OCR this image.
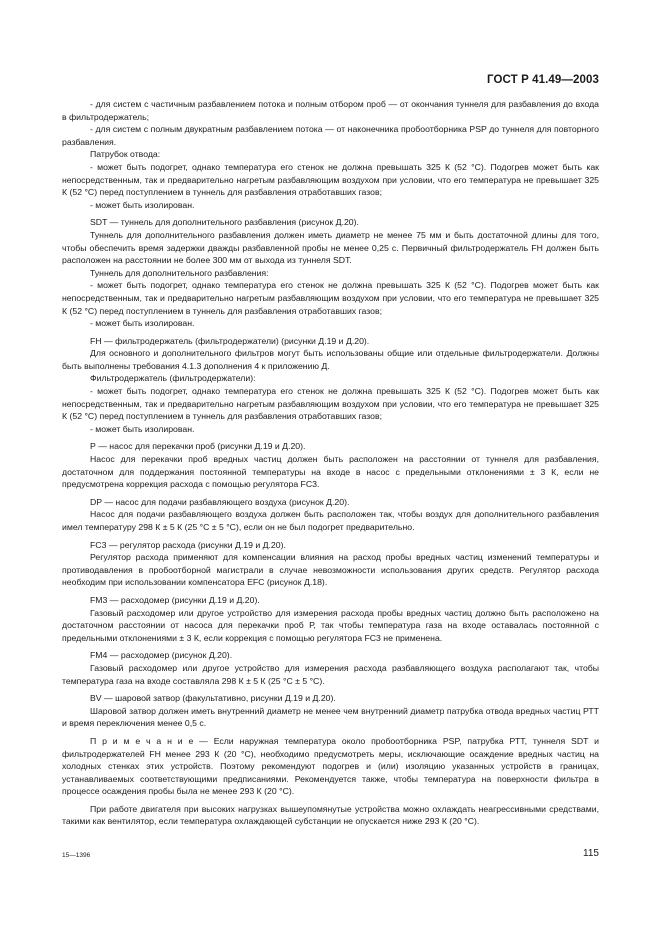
ГОСТ Р 41.49—2003

- для систем с частичным разбавлением потока и полным отбором проб — от окончания туннеля для разбавления до входа в фильтродержатель;

- для систем с полным двукратным разбавлением потока — от наконечника пробоотборника PSP до туннеля для повторного разбавления.

Патрубок отвода:

- может быть подогрет, однако температура его стенок не должна превышать 325 К (52 °С). Подогрев может быть как непосредственным, так и предварительно нагретым разбавляющим воздухом при условии, что его температура не превышает 325 К (52 °С) перед поступлением в туннель для разбавления отработавших газов;

- может быть изолирован.

SDT — туннель для дополнительного разбавления (рисунок Д.20).

Туннель для дополнительного разбавления должен иметь диаметр не менее 75 мм и быть достаточной длины для того, чтобы обеспечить время задержки дважды разбавленной пробы не менее 0,25 с. Первичный фильтродержатель FH должен быть расположен на расстоянии не более 300 мм от выхода из туннеля SDT.

Туннель для дополнительного разбавления:

- может быть подогрет, однако температура его стенок не должна превышать 325 К (52 °С). Подогрев может быть как непосредственным, так и предварительно нагретым разбавляющим воздухом при условии, что его температура не превышает 325 К (52 °С) перед поступлением в туннель для разбавления отработавших газов;

- может быть изолирован.

FH — фильтродержатель (фильтродержатели) (рисунки Д.19 и Д.20).

Для основного и дополнительного фильтров могут быть использованы общие или отдельные фильтродержатели. Должны быть выполнены требования 4.1.3 дополнения 4 к приложению Д.

Фильтродержатель (фильтродержатели):

- может быть подогрет, однако температура его стенок не должна превышать 325 К (52 °С). Подогрев может быть как непосредственным, так и предварительно нагретым разбавляющим воздухом при условии, что его температура не превышает 325 К (52 °С) перед поступлением в туннель для разбавления отработавших газов;

- может быть изолирован.

Р — насос для перекачки проб (рисунки Д.19 и Д.20).

Насос для перекачки проб вредных частиц должен быть расположен на расстоянии от туннеля для разбавления, достаточном для поддержания постоянной температуры на входе в насос с предельными отклонениями ± 3 К, если не предусмотрена коррекция расхода с помощью регулятора FC3.

DP — насос для подачи разбавляющего воздуха (рисунок Д.20).

Насос для подачи разбавляющего воздуха должен быть расположен так, чтобы воздух для дополнительного разбавления имел температуру 298 К ± 5 К (25 °С ± 5 °С), если он не был подогрет предварительно.

FC3 — регулятор расхода (рисунки Д.19 и Д.20).

Регулятор расхода применяют для компенсации влияния на расход пробы вредных частиц изменений температуры и противодавления в пробоотборной магистрали в случае невозможности использования других средств. Регулятор расхода необходим при использовании компенсатора EFC (рисунок Д.18).

FM3 — расходомер (рисунки Д.19 и Д.20).

Газовый расходомер или другое устройство для измерения расхода пробы вредных частиц должно быть расположено на достаточном расстоянии от насоса для перекачки проб Р, так чтобы температура газа на входе оставалась постоянной с предельными отклонениями ± 3 К, если коррекция с помощью регулятора FC3 не применена.

FM4 — расходомер (рисунок Д.20).

Газовый расходомер или другое устройство для измерения расхода разбавляющего воздуха располагают так, чтобы температура газа на входе составляла 298 К ± 5 К (25 °С ± 5 °С).

BV — шаровой затвор (факультативно, рисунки Д.19 и Д.20).

Шаровой затвор должен иметь внутренний диаметр не менее чем внутренний диаметр патрубка отвода вредных частиц РТТ и время переключения менее 0,5 с.

П р и м е ч а н и е — Если наружная температура около пробоотборника PSP, патрубка РТТ, туннеля SDT и фильтродержателей FH менее 293 К (20 °С), необходимо предусмотреть меры, исключающие осаждение вредных частиц на холодных стенках этих устройств. Поэтому рекомендуют подогрев и (или) изоляцию указанных устройств в границах, устанавливаемых соответствующими предписаниями. Рекомендуется также, чтобы температура на поверхности фильтра в процессе осаждения пробы была не менее 293 К (20 °С).

При работе двигателя при высоких нагрузках вышеупомянутые устройства можно охлаждать неагрессивными средствами, такими как вентилятор, если температура охлаждающей субстанции не опускается ниже 293 К (20 °С).

15—1396	115
